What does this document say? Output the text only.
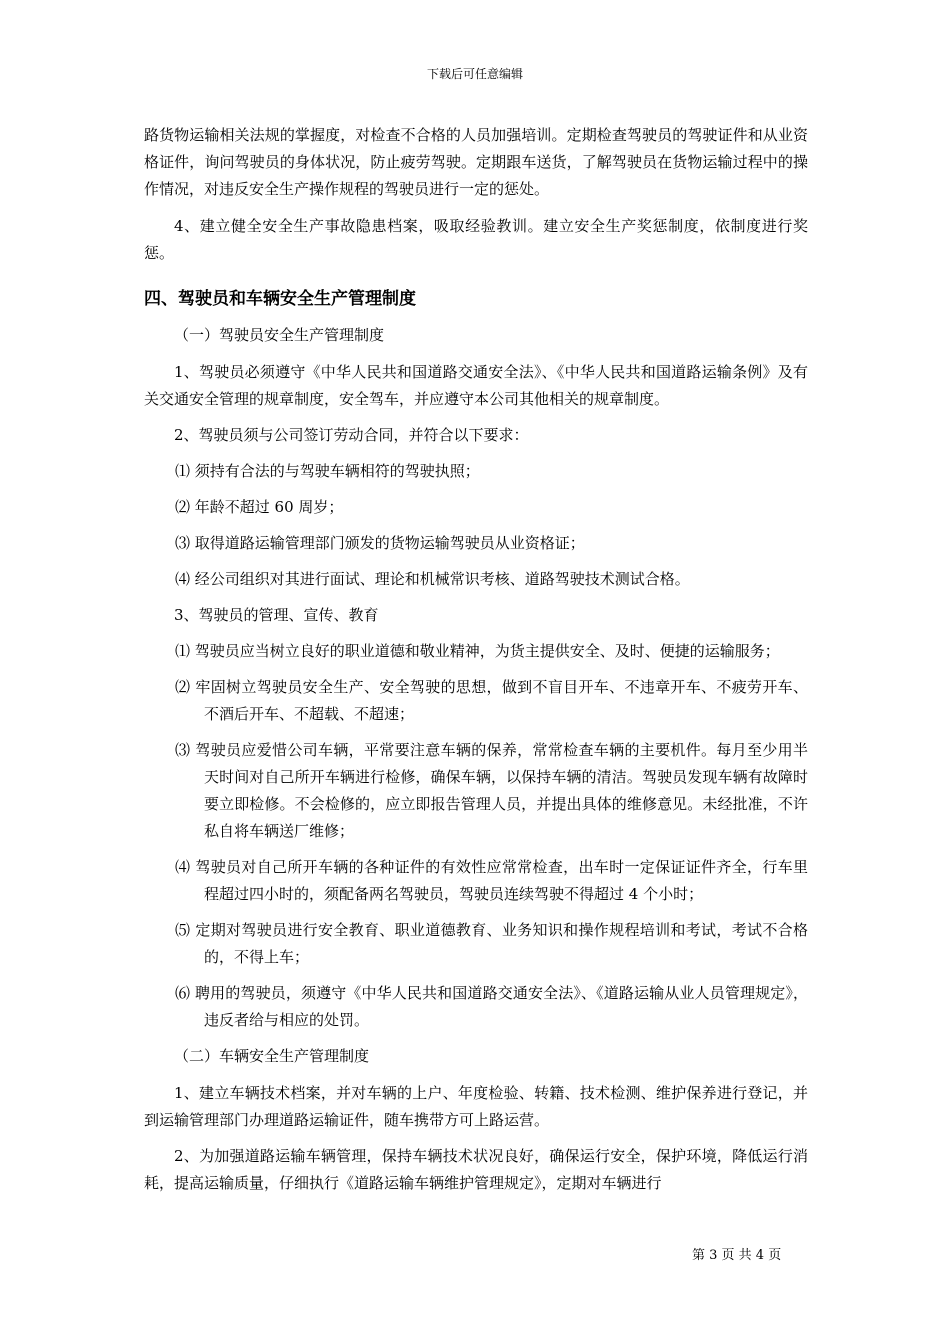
下载后可任意编辑

路货物运输相关法规的掌握度，对检查不合格的人员加强培训。定期检查驾驶员的驾驶证件和从业资格证件，询问驾驶员的身体状况，防止疲劳驾驶。定期跟车送货，了解驾驶员在货物运输过程中的操作情况，对违反安全生产操作规程的驾驶员进行一定的惩处。

4、建立健全安全生产事故隐患档案，吸取经验教训。建立安全生产奖惩制度，依制度进行奖惩。

四、驾驶员和车辆安全生产管理制度

（一）驾驶员安全生产管理制度

1、驾驶员必须遵守《中华人民共和国道路交通安全法》、《中华人民共和国道路运输条例》及有关交通安全管理的规章制度，安全驾车，并应遵守本公司其他相关的规章制度。

2、驾驶员须与公司签订劳动合同，并符合以下要求：

⑴ 须持有合法的与驾驶车辆相符的驾驶执照；

⑵ 年龄不超过 60 周岁；

⑶ 取得道路运输管理部门颁发的货物运输驾驶员从业资格证；

⑷ 经公司组织对其进行面试、理论和机械常识考核、道路驾驶技术测试合格。

3、驾驶员的管理、宣传、教育

⑴ 驾驶员应当树立良好的职业道德和敬业精神，为货主提供安全、及时、便捷的运输服务；

⑵ 牢固树立驾驶员安全生产、安全驾驶的思想，做到不盲目开车、不违章开车、不疲劳开车、不酒后开车、不超载、不超速；

⑶ 驾驶员应爱惜公司车辆，平常要注意车辆的保养，常常检查车辆的主要机件。每月至少用半天时间对自己所开车辆进行检修，确保车辆，以保持车辆的清洁。驾驶员发现车辆有故障时要立即检修。不会检修的，应立即报告管理人员，并提出具体的维修意见。未经批准，不许私自将车辆送厂维修；

⑷ 驾驶员对自己所开车辆的各种证件的有效性应常常检查，出车时一定保证证件齐全，行车里程超过四小时的，须配备两名驾驶员，驾驶员连续驾驶不得超过 4 个小时；

⑸ 定期对驾驶员进行安全教育、职业道德教育、业务知识和操作规程培训和考试，考试不合格的，不得上车；

⑹ 聘用的驾驶员，须遵守《中华人民共和国道路交通安全法》、《道路运输从业人员管理规定》，违反者给与相应的处罚。

（二）车辆安全生产管理制度

1、建立车辆技术档案，并对车辆的上户、年度检验、转籍、技术检测、维护保养进行登记，并到运输管理部门办理道路运输证件，随车携带方可上路运营。

2、为加强道路运输车辆管理，保持车辆技术状况良好，确保运行安全，保护环境，降低运行消耗，提高运输质量，仔细执行《道路运输车辆维护管理规定》，定期对车辆进行

第 3 页 共 4 页
